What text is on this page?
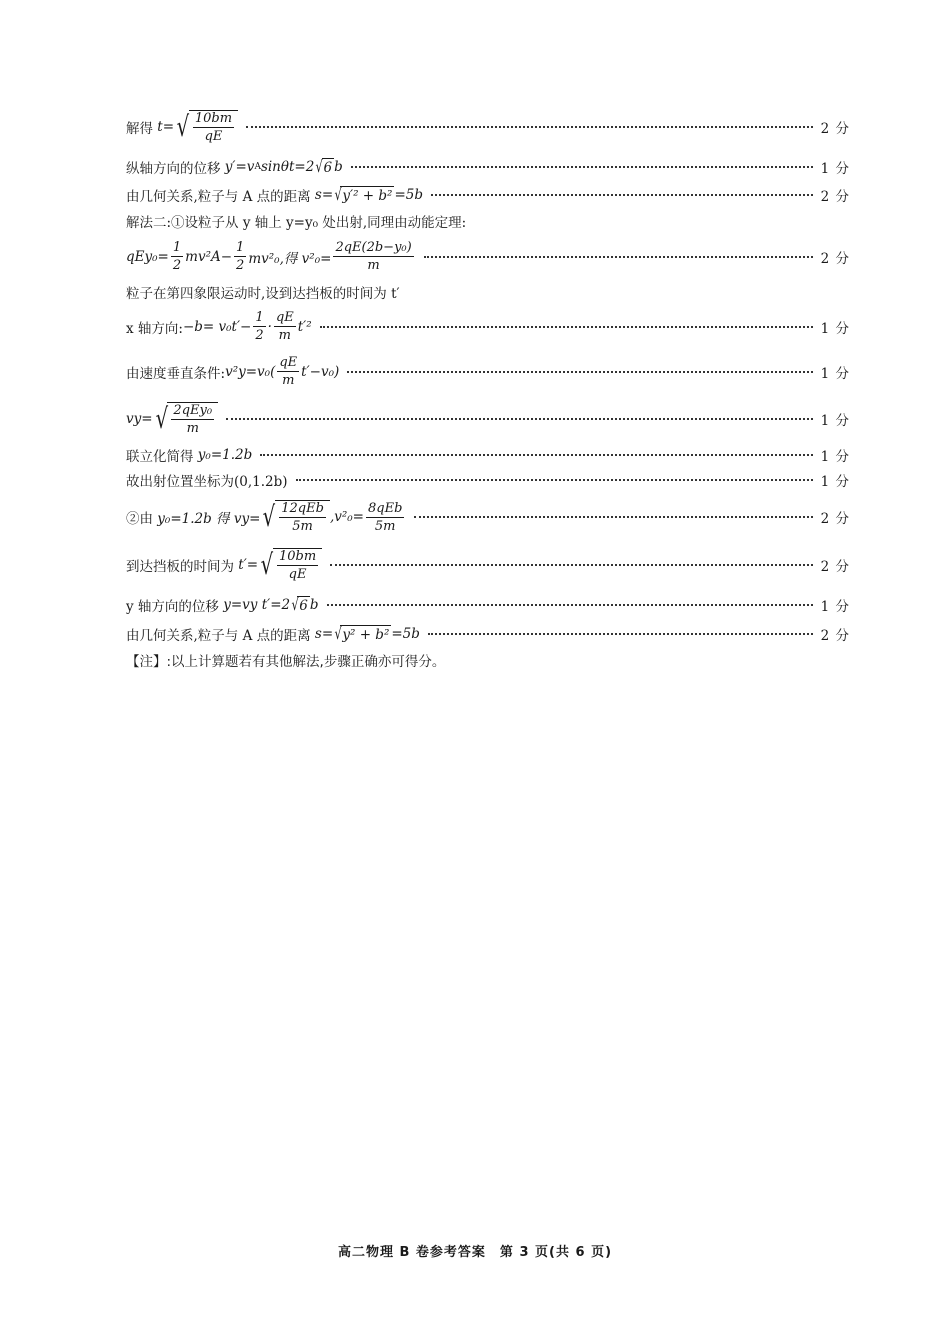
解得 t= √ $\frac{10bm}{qE}$	2 分
纵轴方向的位移 y′=v A sinθt=2 √ 6 b	1 分
由几何关系,粒子与 A 点的距离 s= √ y′² + b² =5b	2 分
解法二:①设粒子从 y 轴上 y=y₀ 处出射,同理由动能定理:
$qEy_0= \frac{1}{2} mv^2A- \frac{1}{2} mv^2_0$,得 $v^2_0= \frac{\text{2qE(2b−y₀)}}{m}$	2 分
粒子在第四象限运动时,设到达挡板的时间为 t′
x 轴方向: $-b= v_0t'- \frac{1}{2} \cdot \frac{qE}{m} t'^2$	1 分
由速度垂直条件: $v^2y=v_0( \frac{qE}{m} t'-v_0)$	1 分
vy= √ $\frac{\text{2qEy₀}}{m}$	1 分
联立化简得 y₀=1.2b	1 分
故出射位置坐标为(0,1.2b)	1 分
②由 y₀=1.2b 得 vy= √ $\frac{\text{12qEb}}{5m} ,v^2_0= \frac{\text{8qEb}}{5m}$	2 分
到达挡板的时间为 t′= √ $\frac{10bm}{qE}$	2 分
y 轴方向的位移 y=vy t′=2 √ 6 b	1 分
由几何关系,粒子与 A 点的距离 s= √ y² + b² =5b	2 分
【注】:以上计算题若有其他解法,步骤正确亦可得分。
高二物理 B 卷参考答案　第 3 页(共 6 页)
